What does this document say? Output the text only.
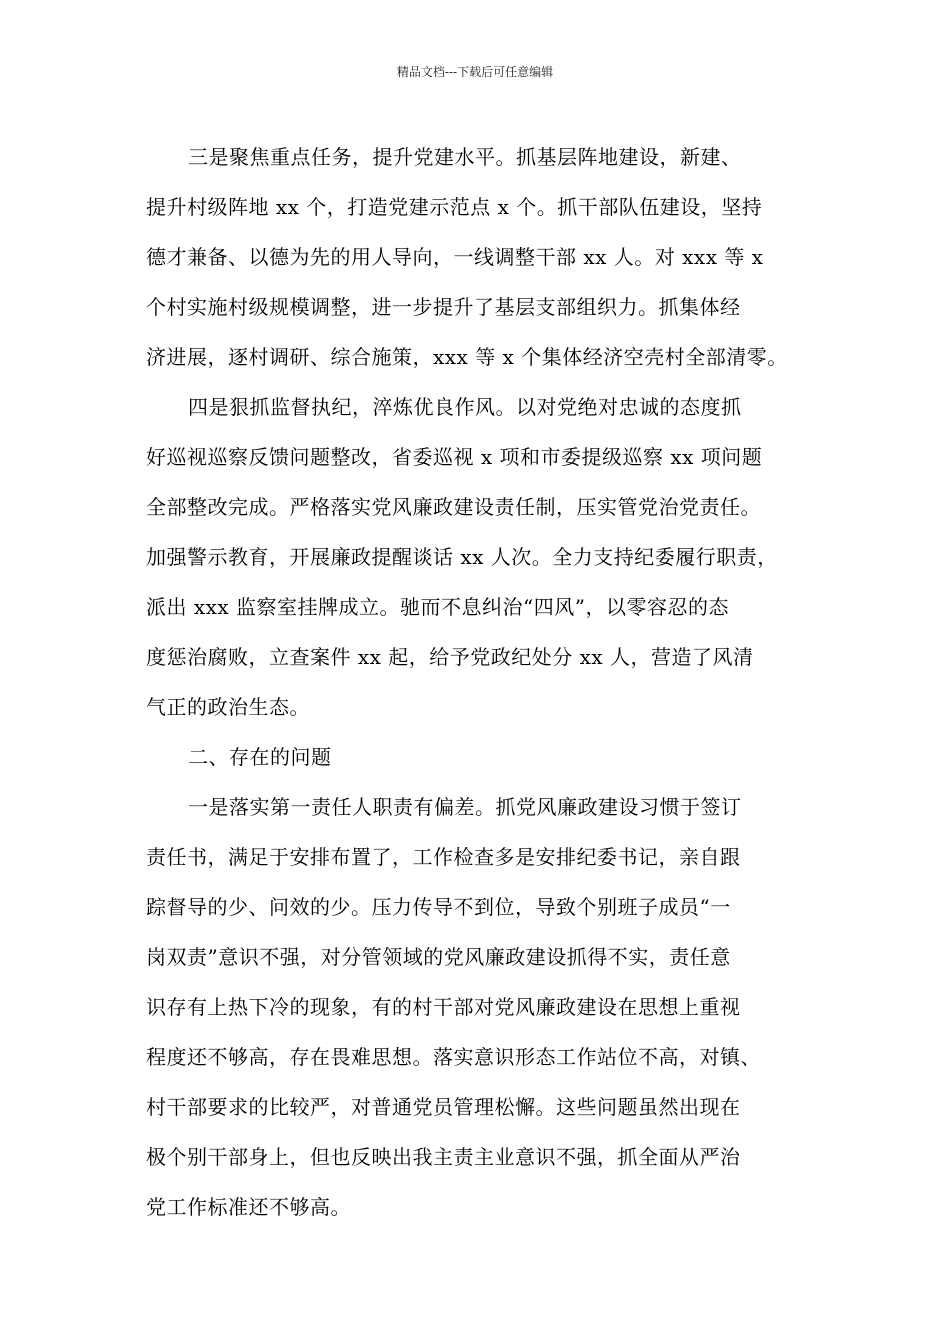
精品文档---下载后可任意编辑

三是聚焦重点任务，提升党建水平。抓基层阵地建设，新建、
提升村级阵地 xx 个，打造党建示范点 x 个。抓干部队伍建设，坚持
德才兼备、以德为先的用人导向，一线调整干部 xx 人。对 xxx 等 x
个村实施村级规模调整，进一步提升了基层支部组织力。抓集体经
济进展，逐村调研、综合施策，xxx 等 x 个集体经济空壳村全部清零。

四是狠抓监督执纪，淬炼优良作风。以对党绝对忠诚的态度抓
好巡视巡察反馈问题整改，省委巡视 x 项和市委提级巡察 xx 项问题
全部整改完成。严格落实党风廉政建设责任制，压实管党治党责任。
加强警示教育，开展廉政提醒谈话 xx 人次。全力支持纪委履行职责，
派出 xxx 监察室挂牌成立。驰而不息纠治“四风”，以零容忍的态
度惩治腐败，立查案件 xx 起，给予党政纪处分 xx 人，营造了风清
气正的政治生态。

二、存在的问题

一是落实第一责任人职责有偏差。抓党风廉政建设习惯于签订
责任书，满足于安排布置了，工作检查多是安排纪委书记，亲自跟
踪督导的少、问效的少。压力传导不到位，导致个别班子成员“一
岗双责”意识不强，对分管领域的党风廉政建设抓得不实，责任意
识存有上热下冷的现象，有的村干部对党风廉政建设在思想上重视
程度还不够高，存在畏难思想。落实意识形态工作站位不高，对镇、
村干部要求的比较严，对普通党员管理松懈。这些问题虽然出现在
极个别干部身上，但也反映出我主责主业意识不强，抓全面从严治
党工作标准还不够高。
